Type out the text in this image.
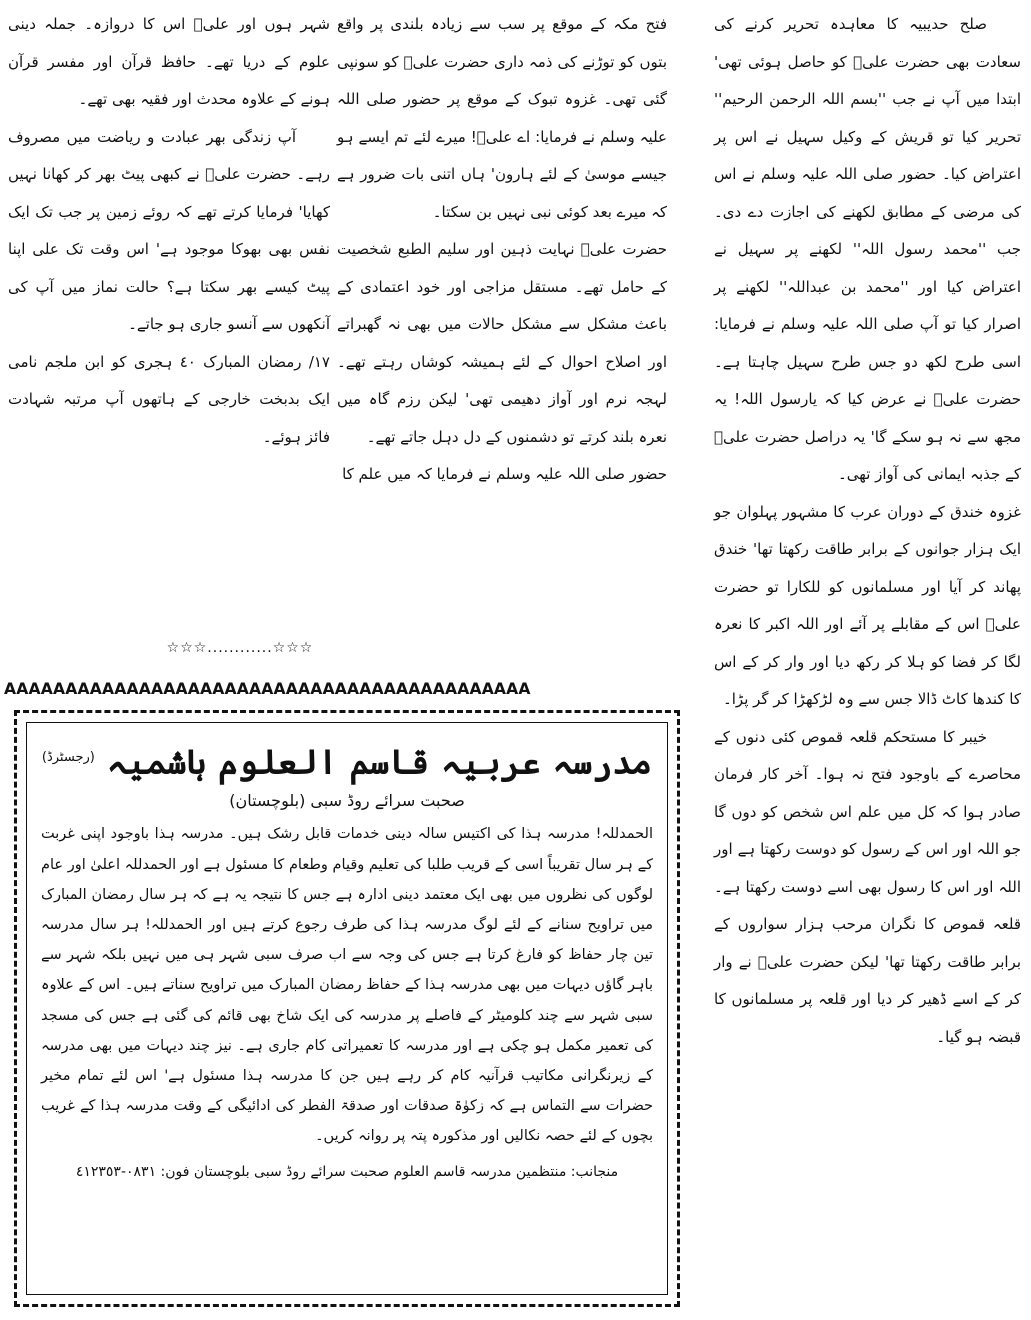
صلح حدیبیہ کا معاہدہ تحریر کرنے کی سعادت بھی حضرت علیؓ کو حاصل ہوئی تھی' ابتدا میں آپ نے جب ''بسم اللہ الرحمن الرحیم'' تحریر کیا تو قریش کے وکیل سہیل نے اس پر اعتراض کیا۔ حضور صلی اللہ علیہ وسلم نے اس کی مرضی کے مطابق لکھنے کی اجازت دے دی۔ جب ''محمد رسول اللہ'' لکھنے پر سہیل نے اعتراض کیا اور ''محمد بن عبداللہ'' لکھنے پر اصرار کیا تو آپ صلی اللہ علیہ وسلم نے فرمایا: اسی طرح لکھ دو جس طرح سہیل چاہتا ہے۔ حضرت علیؓ نے عرض کیا کہ یارسول اللہ! یہ مجھ سے نہ ہو سکے گا' یہ دراصل حضرت علیؓ کے جذبہ ایمانی کی آواز تھی۔

غزوہ خندق کے دوران عرب کا مشہور پہلوان جو ایک ہزار جوانوں کے برابر طاقت رکھتا تھا' خندق پھاند کر آیا اور مسلمانوں کو للکارا تو حضرت علیؓ اس کے مقابلے پر آئے اور اللہ اکبر کا نعرہ لگا کر فضا کو ہلا کر رکھ دیا اور وار کر کے اس کا کندھا کاٹ ڈالا جس سے وہ لڑکھڑا کر گر پڑا۔

خیبر کا مستحکم قلعہ قموص کئی دنوں کے محاصرے کے باوجود فتح نہ ہوا۔ آخر کار فرمان صادر ہوا کہ کل میں علم اس شخص کو دوں گا جو اللہ اور اس کے رسول کو دوست رکھتا ہے اور اللہ اور اس کا رسول بھی اسے دوست رکھتا ہے۔ قلعہ قموص کا نگران مرحب ہزار سواروں کے برابر طاقت رکھتا تھا' لیکن حضرت علیؓ نے وار کر کے اسے ڈھیر کر دیا اور قلعہ پر مسلمانوں کا قبضہ ہو گیا۔

فتح مکہ کے موقع پر سب سے زیادہ بلندی پر واقع بتوں کو توڑنے کی ذمہ داری حضرت علیؓ کو سونپی گئی تھی۔ غزوہ تبوک کے موقع پر حضور صلی اللہ علیہ وسلم نے فرمایا: اے علیؓ! میرے لئے تم ایسے ہو جیسے موسیٰ کے لئے ہارون' ہاں اتنی بات ضرور ہے کہ میرے بعد کوئی نبی نہیں بن سکتا۔

حضرت علیؓ نہایت ذہین اور سلیم الطبع شخصیت کے حامل تھے۔ مستقل مزاجی اور خود اعتمادی کے باعث مشکل سے مشکل حالات میں بھی نہ گھبراتے اور اصلاح احوال کے لئے ہمیشہ کوشاں رہتے تھے۔ لہجہ نرم اور آواز دھیمی تھی' لیکن رزم گاہ میں نعرہ بلند کرتے تو دشمنوں کے دل دہل جاتے تھے۔

حضور صلی اللہ علیہ وسلم نے فرمایا کہ میں علم کا

شہر ہوں اور علیؓ اس کا دروازہ۔ جملہ دینی علوم کے دریا تھے۔ حافظ قرآن اور مفسر قرآن ہونے کے علاوہ محدث اور فقیہ بھی تھے۔

آپ زندگی بھر عبادت و ریاضت میں مصروف رہے۔ حضرت علیؓ نے کبھی پیٹ بھر کر کھانا نہیں کھایا' فرمایا کرتے تھے کہ روئے زمین پر جب تک ایک نفس بھی بھوکا موجود ہے' اس وقت تک علی اپنا پیٹ کیسے بھر سکتا ہے؟ حالت نماز میں آپ کی آنکھوں سے آنسو جاری ہو جاتے۔

١٧/ رمضان المبارک ٤٠ ہجری کو ابن ملجم نامی ایک بدبخت خارجی کے ہاتھوں آپ مرتبہ شہادت فائز ہوئے۔

☆☆☆............☆☆☆
AAAAAAAAAAAAAAAAAAAAAAAAAAAAAAAAAAAAAAAAAAA

مدرسہ عربیہ قاسم العلوم ہاشمیہ $^{(رجسٹرڈ)}$

صحبت سرائے روڈ سبی (بلوچستان)

الحمدللہ! مدرسہ ہذا کی اکتیس سالہ دینی خدمات قابل رشک ہیں۔ مدرسہ ہذا باوجود اپنی غربت کے ہر سال تقریباً اسی کے قریب طلبا کی تعلیم وقیام وطعام کا مسئول ہے اور الحمدللہ اعلیٰ اور عام لوگوں کی نظروں میں بھی ایک معتمد دینی ادارہ ہے جس کا نتیجہ یہ ہے کہ ہر سال رمضان المبارک میں تراویح سنانے کے لئے لوگ مدرسہ ہذا کی طرف رجوع کرتے ہیں اور الحمدللہ! ہر سال مدرسہ تین چار حفاظ کو فارغ کرتا ہے جس کی وجہ سے اب صرف سبی شہر ہی میں نہیں بلکہ شہر سے باہر گاؤں دیہات میں بھی مدرسہ ہذا کے حفاظ رمضان المبارک میں تراویح سناتے ہیں۔ اس کے علاوہ سبی شہر سے چند کلومیٹر کے فاصلے پر مدرسہ کی ایک شاخ بھی قائم کی گئی ہے جس کی مسجد کی تعمیر مکمل ہو چکی ہے اور مدرسہ کا تعمیراتی کام جاری ہے۔ نیز چند دیہات میں بھی مدرسہ کے زیرنگرانی مکاتیب قرآنیہ کام کر رہے ہیں جن کا مدرسہ ہذا مسئول ہے' اس لئے تمام مخیر حضرات سے التماس ہے کہ زکوٰۃ صدقات اور صدقۃ الفطر کی ادائیگی کے وقت مدرسہ ہذا کے غریب بچوں کے لئے حصہ نکالیں اور مذکورہ پتہ پر روانہ کریں۔

منجانب: منتظمین مدرسہ قاسم العلوم صحبت سرائے روڈ سبی بلوچستان فون: ٠٨٣١-٤١٢٣٥٣
